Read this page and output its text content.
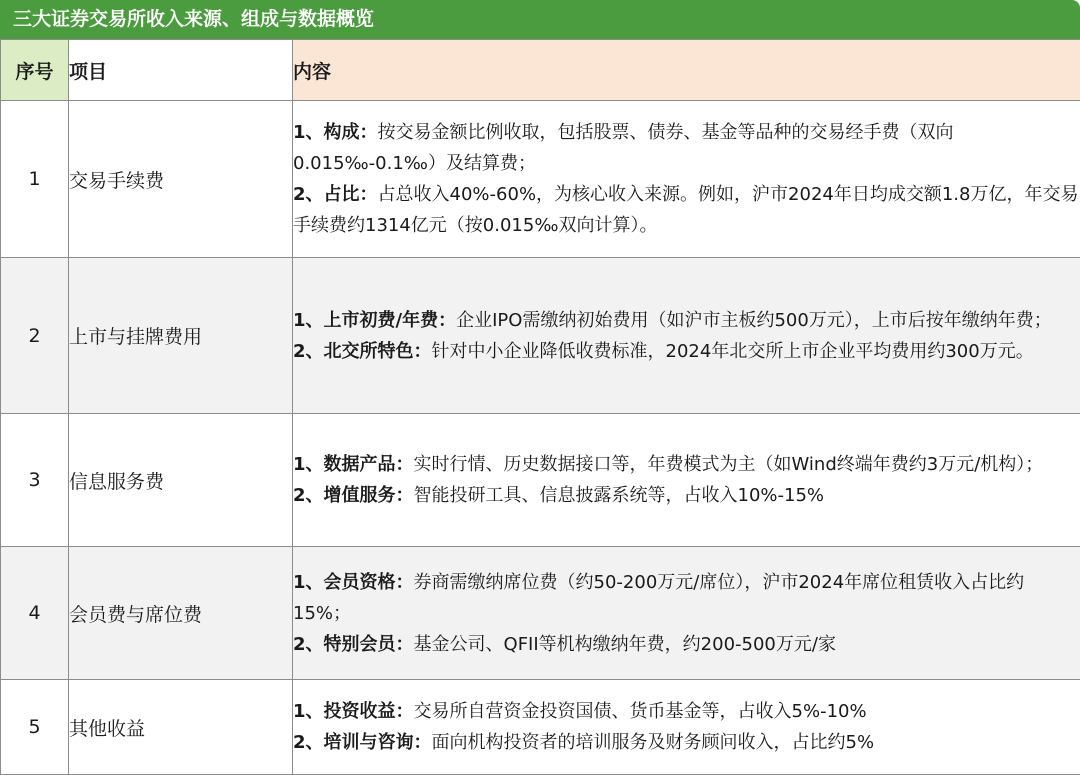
三大证券交易所收入来源、组成与数据概览
序号	项目	内容
1	交易手续费	1、构成：按交易金额比例收取，包括股票、债券、基金等品种的交易经手费（双向0.015‰-0.1‰）及结算费；
2、占比：占总收入40%-60%，为核心收入来源。例如，沪市2024年日均成交额1.8万亿，年交易手续费约1314亿元（按0.015‰双向计算）。

2	上市与挂牌费用	1、上市初费/年费：企业IPO需缴纳初始费用（如沪市主板约500万元），上市后按年缴纳年费；
2、北交所特色：针对中小企业降低收费标准，2024年北交所上市企业平均费用约300万元。

3	信息服务费	1、数据产品：实时行情、历史数据接口等，年费模式为主（如Wind终端年费约3万元/机构）；
2、增值服务：智能投研工具、信息披露系统等，占收入10%-15%

4	会员费与席位费	1、会员资格：券商需缴纳席位费（约50-200万元/席位），沪市2024年席位租赁收入占比约15%；
2、特别会员：基金公司、QFII等机构缴纳年费，约200-500万元/家

5	其他收益	1、投资收益：交易所自营资金投资国债、货币基金等，占收入5%-10%
2、培训与咨询：面向机构投资者的培训服务及财务顾问收入，占比约5%
